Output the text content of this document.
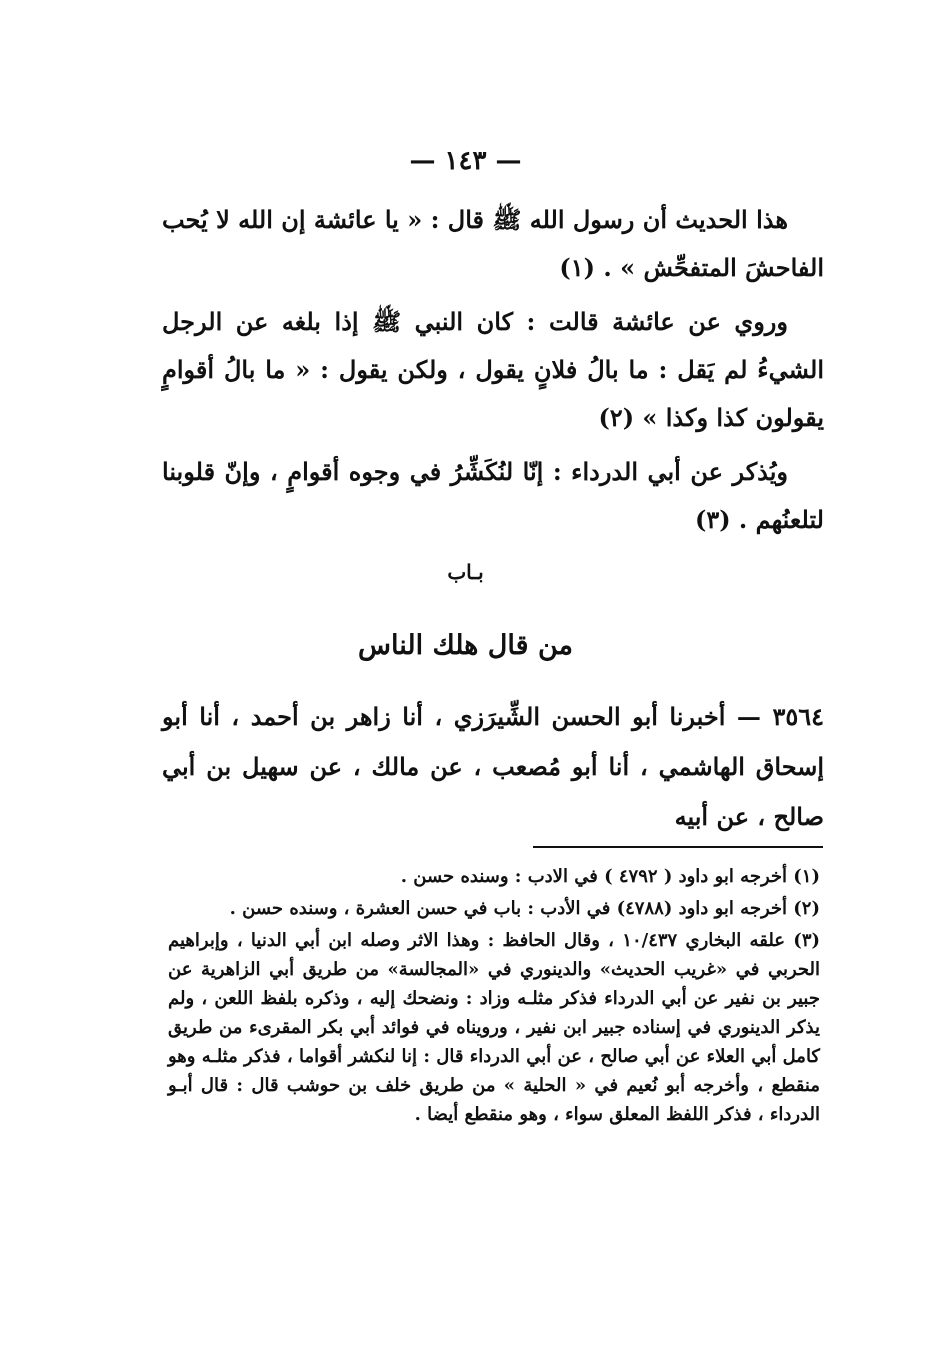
— ١٤٣ —

هذا الحديث أن رسول الله ﷺ قال : « يا عائشة إن الله لا يُحب الفاحشَ المتفحِّش » . (١)

وروي عن عائشة قالت : كان النبي ﷺ إذا بلغه عن الرجل الشيءُ لم يَقل : ما بالُ فلانٍ يقول ، ولكن يقول : « ما بالُ أقوامٍ يقولون كذا وكذا » (٢)

ويُذكر عن أبي الدرداء : إنّا لنُكَشِّرُ في وجوه أقوامٍ ، وإنّ قلوبنا لتلعنُهم . (٣)

بـاب
من قال هلك الناس
٣٥٦٤ — أخبرنا أبو الحسن الشِّيرَزي ، أنا زاهر بن أحمد ، أنا أبو إسحاق الهاشمي ، أنا أبو مُصعب ، عن مالك ، عن سهيل بن أبي صالح ، عن أبيه

(١) أخرجه ابو داود ( ٤٧٩٢ ) في الادب : وسنده حسن .

(٢) أخرجه ابو داود (٤٧٨٨) في الأدب : باب في حسن العشرة ، وسنده حسن .

(٣) علقه البخاري ١٠/٤٣٧ ، وقال الحافظ : وهذا الاثر وصله ابن أبي الدنيا ، وإبراهيم الحربي في «غريب الحديث» والدينوري في «المجالسة» من طريق أبي الزاهرية عن جبير بن نفير عن أبي الدرداء فذكر مثلـه وزاد : ونضحك إليه ، وذكره بلفظ اللعن ، ولم يذكر الدينوري في إسناده جبير ابن نفير ، ورويناه في فوائد أبي بكر المقرىء من طريق كامل أبي العلاء عن أبي صالح ، عن أبي الدرداء قال : إنا لنكشر أقواما ، فذكر مثلـه وهو منقطع ، وأخرجه أبو نُعيم في « الحلية » من طريق خلف بن حوشب قال : قال أبـو الدرداء ، فذكر اللفظ المعلق سواء ، وهو منقطع أيضا .
